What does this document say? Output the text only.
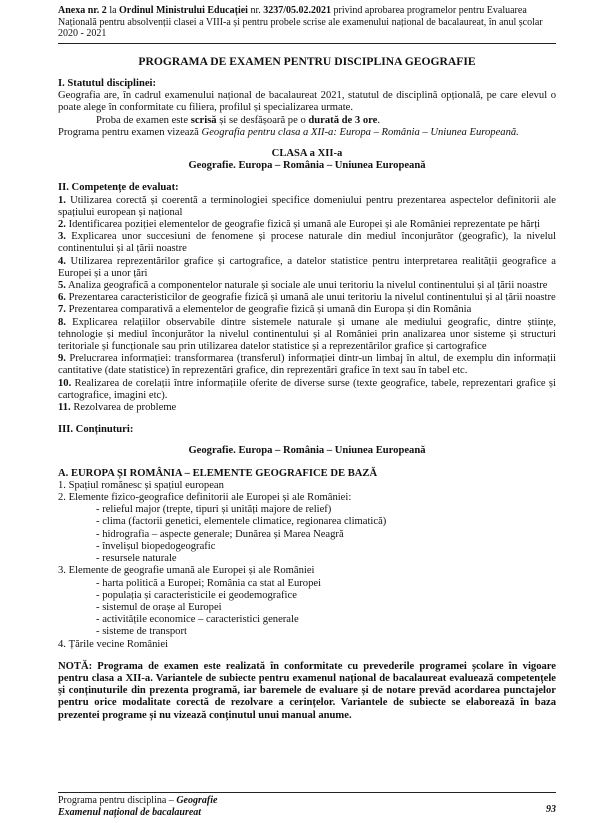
Anexa nr. 2 la Ordinul Ministrului Educației nr. 3237/05.02.2021 privind aprobarea programelor pentru Evaluarea Națională pentru absolvenții clasei a VIII-a și pentru probele scrise ale examenului național de bacalaureat, în anul școlar 2020 - 2021
PROGRAMA DE EXAMEN PENTRU DISCIPLINA GEOGRAFIE
I. Statutul disciplinei:

Geografia are, în cadrul examenului național de bacalaureat 2021, statutul de disciplină opțională, pe care elevul o poate alege în conformitate cu filiera, profilul și specializarea urmate.

Proba de examen este scrisă și se desfășoară pe o durată de 3 ore.

Programa pentru examen vizează Geografia pentru clasa a XII-a: Europa – România – Uniunea Europeană.

CLASA a XII-a
Geografie. Europa – România – Uniunea Europeană
II. Competențe de evaluat:

1. Utilizarea corectă și coerentă a terminologiei specifice domeniului pentru prezentarea aspectelor definitorii ale spațiului european și național

2. Identificarea poziției elementelor de geografie fizică și umană ale Europei și ale României reprezentate pe hărți

3. Explicarea unor succesiuni de fenomene și procese naturale din mediul înconjurător (geografic), la nivelul continentului și al țării noastre

4. Utilizarea reprezentărilor grafice și cartografice, a datelor statistice pentru interpretarea realității geografice a Europei și a unor țări

5. Analiza geografică a componentelor naturale și sociale ale unui teritoriu la nivelul continentului și al țării noastre

6. Prezentarea caracteristicilor de geografie fizică și umană ale unui teritoriu la nivelul continentului și al țării noastre

7. Prezentarea comparativă a elementelor de geografie fizică și umană din Europa și din România

8. Explicarea relațiilor observabile dintre sistemele naturale și umane ale mediului geografic, dintre științe, tehnologie și mediul înconjurător la nivelul continentului și al României prin analizarea unor sisteme și structuri teritoriale și funcționale sau prin utilizarea datelor statistice și a reprezentărilor grafice și cartografice

9. Prelucrarea informației: transformarea (transferul) informației dintr-un limbaj în altul, de exemplu din informații cantitative (date statistice) în reprezentări grafice, din reprezentări grafice în text sau în tabel etc.

10. Realizarea de corelații între informațiile oferite de diverse surse (texte geografice, tabele, reprezentari grafice și cartografice, imagini etc).

11. Rezolvarea de probleme

III. Conținuturi:
Geografie. Europa – România – Uniunea Europeană
A. EUROPA ȘI ROMÂNIA – ELEMENTE GEOGRAFICE DE BAZĂ

1. Spațiul romănesc și spațiul european

2. Elemente fizico-geografice definitorii ale Europei și ale României:

- relieful major (trepte, tipuri și unități majore de relief)
- clima (factorii genetici, elementele climatice, regionarea climatică)
- hidrografia – aspecte generale; Dunărea și Marea Neagră
- învelișul biopedogeografic
- resursele naturale

3. Elemente de geografie umană ale Europei și ale României

- harta politică a Europei; România ca stat al Europei
- populația și caracteristicile ei geodemografice
- sistemul de orașe al Europei
- activitățile economice – caracteristici generale
- sisteme de transport

4. Țările vecine României

NOTĂ: Programa de examen este realizată în conformitate cu prevederile programei școlare în vigoare pentru clasa a XII-a. Variantele de subiecte pentru examenul național de bacalaureat evaluează competențele și conținuturile din prezenta programă, iar baremele de evaluare și de notare prevăd acordarea punctajelor pentru orice modalitate corectă de rezolvare a cerințelor. Variantele de subiecte se elaborează în baza prezentei programe și nu vizează conținutul unui manual anume.

Programa pentru disciplina – Geografie
Examenul național de bacalaureat	93
